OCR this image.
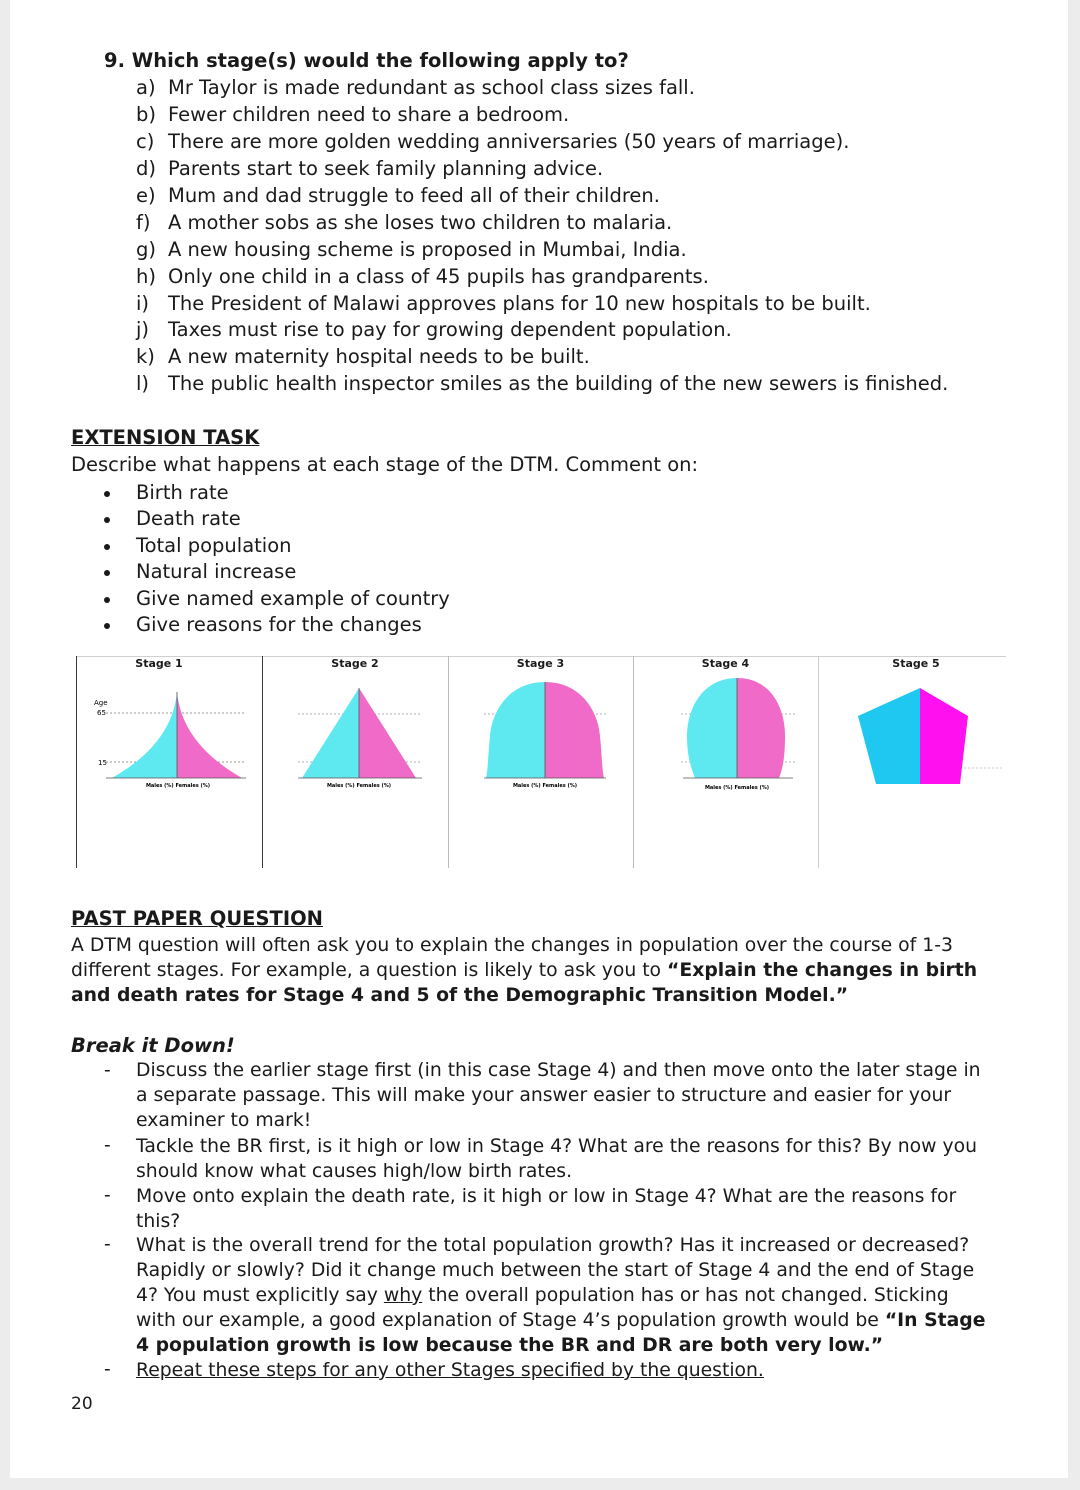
9. Which stage(s) would the following apply to?
a) Mr Taylor is made redundant as school class sizes fall.
b) Fewer children need to share a bedroom.
c) There are more golden wedding anniversaries (50 years of marriage).
d) Parents start to seek family planning advice.
e) Mum and dad struggle to feed all of their children.
f) A mother sobs as she loses two children to malaria.
g) A new housing scheme is proposed in Mumbai, India.
h) Only one child in a class of 45 pupils has grandparents.
i) The President of Malawi approves plans for 10 new hospitals to be built.
j) Taxes must rise to pay for growing dependent population.
k) A new maternity hospital needs to be built.
l) The public health inspector smiles as the building of the new sewers is finished.
EXTENSION TASK
Describe what happens at each stage of the DTM. Comment on:
Birth rate
Death rate
Total population
Natural increase
Give named example of country
Give reasons for the changes
Stage 1
Age
65
15
Males (%) Females (%)
Stage 2
Males (%) Females (%)
Stage 3
Males (%) Females (%)
Stage 4
Males (%) Females (%)
Stage 5
PAST PAPER QUESTION
A DTM question will often ask you to explain the changes in population over the course of 1-3
different stages. For example, a question is likely to ask you to “Explain the changes in birth
and death rates for Stage 4 and 5 of the Demographic Transition Model.”
Break it Down!
- Discuss the earlier stage first (in this case Stage 4) and then move onto the later stage in
a separate passage. This will make your answer easier to structure and easier for your
examiner to mark!
- Tackle the BR first, is it high or low in Stage 4? What are the reasons for this? By now you
should know what causes high/low birth rates.
- Move onto explain the death rate, is it high or low in Stage 4? What are the reasons for
this?
- What is the overall trend for the total population growth? Has it increased or decreased?
Rapidly or slowly? Did it change much between the start of Stage 4 and the end of Stage
4? You must explicitly say why the overall population has or has not changed. Sticking
with our example, a good explanation of Stage 4’s population growth would be “In Stage
4 population growth is low because the BR and DR are both very low.”
- Repeat these steps for any other Stages specified by the question.
20
